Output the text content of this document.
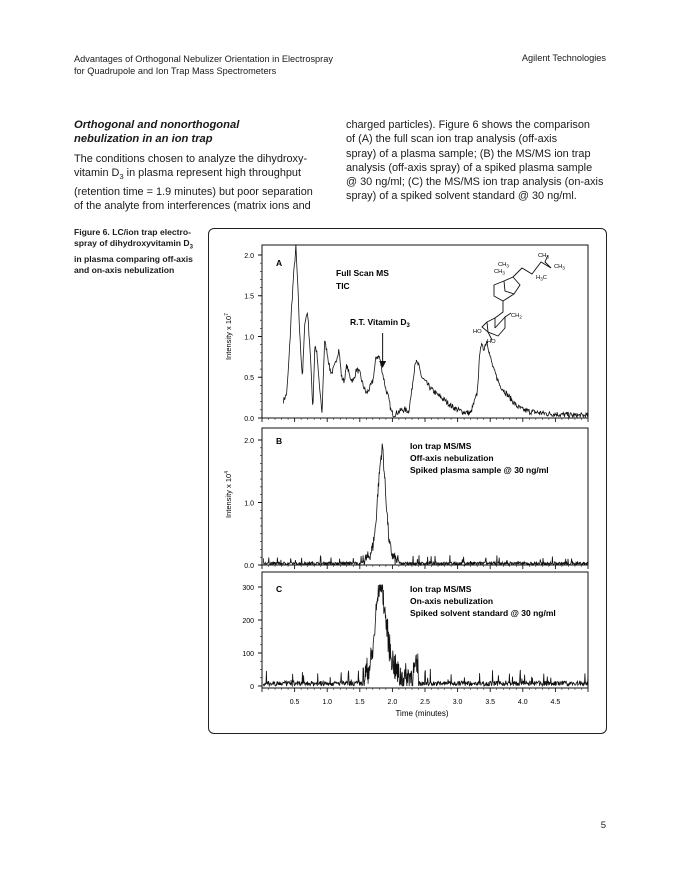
Advantages of Orthogonal Nebulizer Orientation in Electrospray
for Quadrupole and Ion Trap Mass Spectrometers
Agilent Technologies
Orthogonal and nonorthogonal
nebulization in an ion trap
The conditions chosen to analyze the dihydroxy-
vitamin $D_3$ in plasma represent high throughput
(retention time = 1.9 minutes) but poor separation
of the analyte from interferences (matrix ions and
charged particles). Figure 6 shows the comparison
of (A) the full scan ion trap analysis (off-axis
spray) of a plasma sample; (B) the MS/MS ion trap
analysis (off-axis spray) of a spiked plasma sample
@ 30 ng/ml; (C) the MS/MS ion trap analysis (on-axis
spray) of a spiked solvent standard @ 30 ng/ml.
Figure 6. LC/ion trap electro-
spray of dihydroxyvitamin $D_3$
in plasma comparing off-axis
and on-axis nebulization
0.0
0.5
1.0
1.5
2.0
0.0
1.0
2.0
0
100
200
300
0.5	1.0	1.5	2.0	2.5	3.0	3.5	4.0	4.5
A
Full Scan MS
TIC
R.T. Vitamin $D_3$
B	Ion trap MS/MS
Off-axis nebulization
Spiked plasma sample @ 30 ng/ml
C	Ion trap MS/MS
On-axis nebulization
Spiked solvent standard @ 30 ng/ml
Intensity x $10^7$
Intensity x $10^4$
Time (minutes)
$CH_3$
$CH_3$
$CH_3$
$CH_3$
$H_3C$
$CH_2$
HO
HO
5
